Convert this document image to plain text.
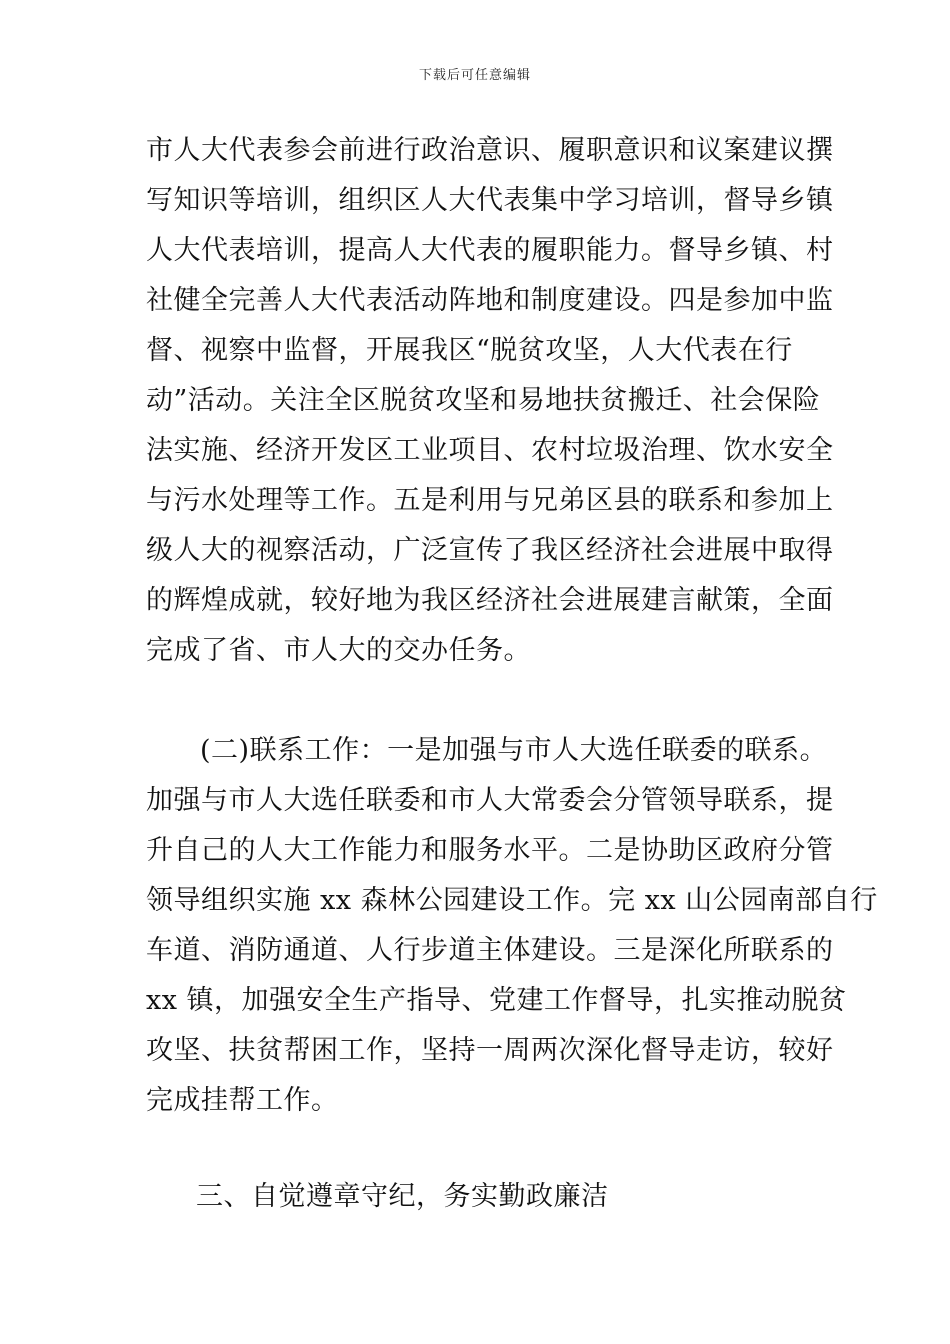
下载后可任意编辑
市人大代表参会前进行政治意识、履职意识和议案建议撰
写知识等培训，组织区人大代表集中学习培训，督导乡镇
人大代表培训，提高人大代表的履职能力。督导乡镇、村
社健全完善人大代表活动阵地和制度建设。四是参加中监
督、视察中监督，开展我区“脱贫攻坚，人大代表在行
动”活动。关注全区脱贫攻坚和易地扶贫搬迁、社会保险
法实施、经济开发区工业项目、农村垃圾治理、饮水安全
与污水处理等工作。五是利用与兄弟区县的联系和参加上
级人大的视察活动，广泛宣传了我区经济社会进展中取得
的辉煌成就，较好地为我区经济社会进展建言献策，全面
完成了省、市人大的交办任务。
(二)联系工作：一是加强与市人大选任联委的联系。
加强与市人大选任联委和市人大常委会分管领导联系，提
升自己的人大工作能力和服务水平。二是协助区政府分管
领导组织实施 xx 森林公园建设工作。完 xx 山公园南部自行
车道、消防通道、人行步道主体建设。三是深化所联系的
xx 镇，加强安全生产指导、党建工作督导，扎实推动脱贫
攻坚、扶贫帮困工作，坚持一周两次深化督导走访，较好
完成挂帮工作。
三、自觉遵章守纪，务实勤政廉洁
